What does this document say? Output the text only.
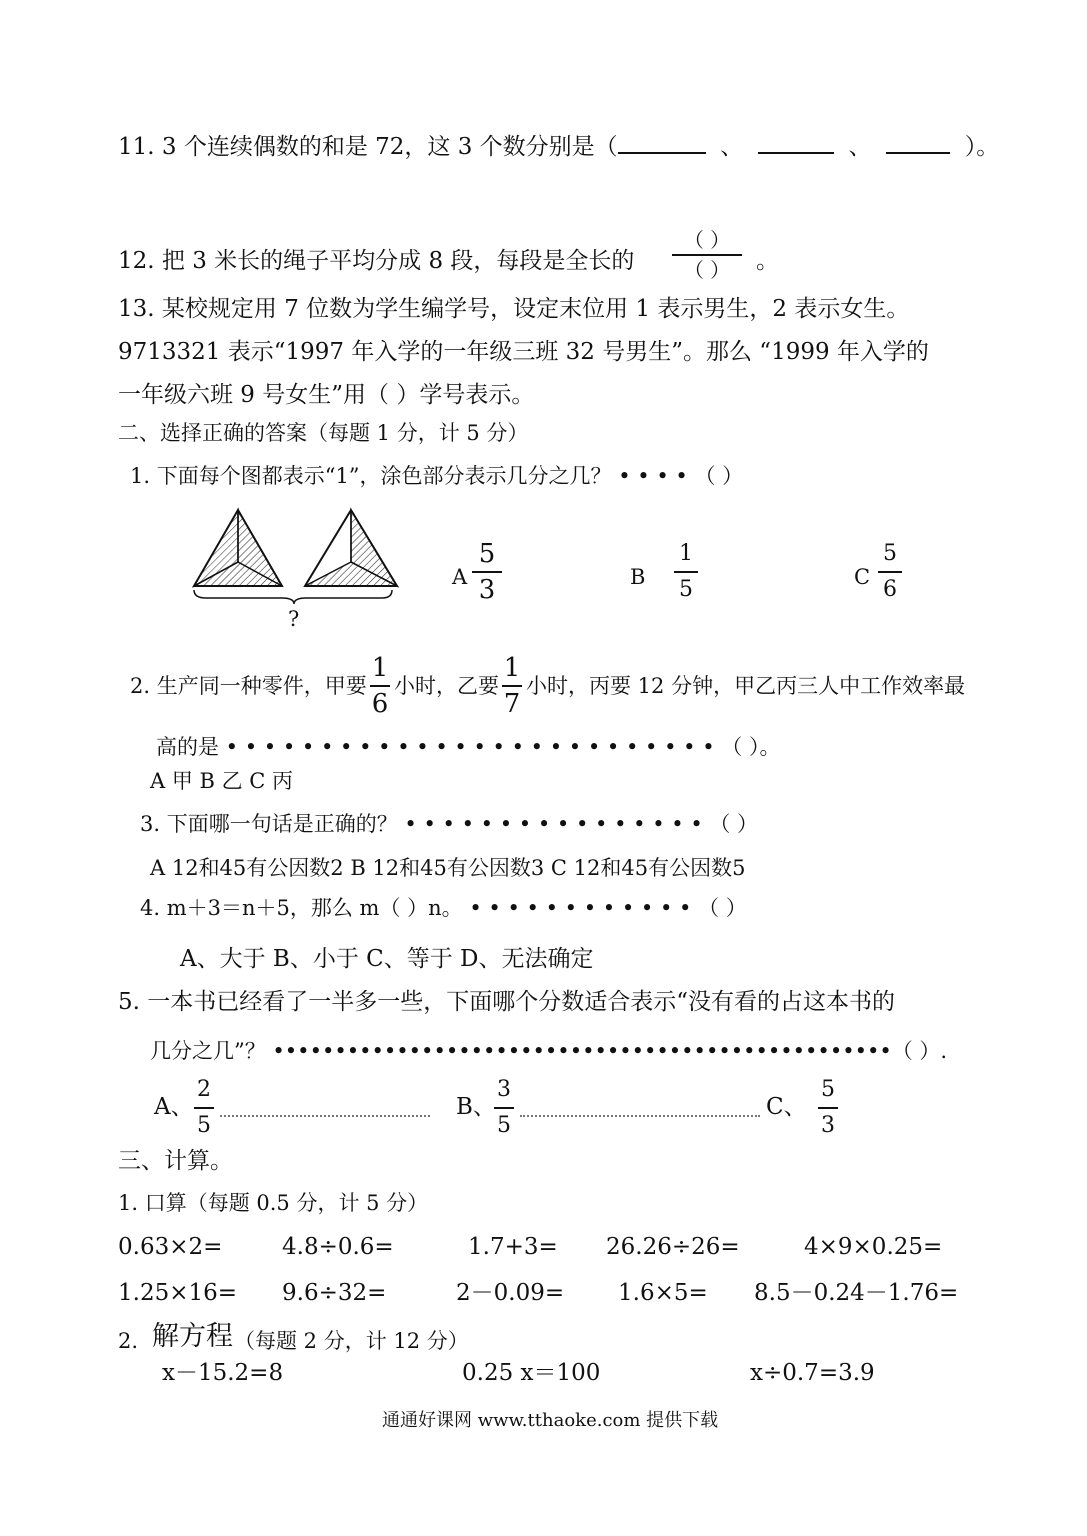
11. 3 个连续偶数的和是 72，这 3 个数分别是（	、	、	）。
12. 把 3 米长的绳子平均分成 8 段，每段是全长的
（ ）
（ ）	。
13. 某校规定用 7 位数为学生编学号，设定末位用 1 表示男生，2 表示女生。
9713321 表示“1997 年入学的一年级三班 32 号男生”。那么 “1999 年入学的
一年级六班 9 号女生”用（ ）学号表示。
二、选择正确的答案（每题 1 分，计 5 分）
1. 下面每个图都表示“1”，涂色部分表示几分之几？ • • • • （ ）
?
A
5
3	B
1
5	C
5
6
2. 生产同一种零件，甲要
1
6
小时，乙要
1
7
小时，丙要 12 分钟，甲乙丙三人中工作效率最
高的是 • • • • • • • • • • • • • • • • • • • • • • • • • • （ ）。
A 甲 B 乙 C 丙
3. 下面哪一句话是正确的？ • • • • • • • • • • • • • • • • （ ）
A 12和45有公因数2 B 12和45有公因数3 C 12和45有公因数5
4. m＋3＝n＋5，那么 m（ ）n。 • • • • • • • • • • • • （ ）
A、大于 B、小于 C、等于 D、无法确定
5. 一本书已经看了一半多一些，下面哪个分数适合表示“没有看的占这本书的
几分之几”？ ••••••••••••••••••••••••••••••••••••••••••••••••••（ ）.
A、
2
5
B、
3
5
C、
5
3
三、计算。
1. 口算（每题 0.5 分，计 5 分）
0.63×2=	4.8÷0.6=	1.7+3= 26.26÷26=	4×9×0.25=
1.25×16= 9.6÷32=	2－0.09= 1.6×5= 8.5－0.24－1.76=
2. 解方程 （每题 2 分，计 12 分）
x－15.2=8	0.25 x＝100	x÷0.7=3.9
通通好课网 www.tthaoke.com 提供下载
